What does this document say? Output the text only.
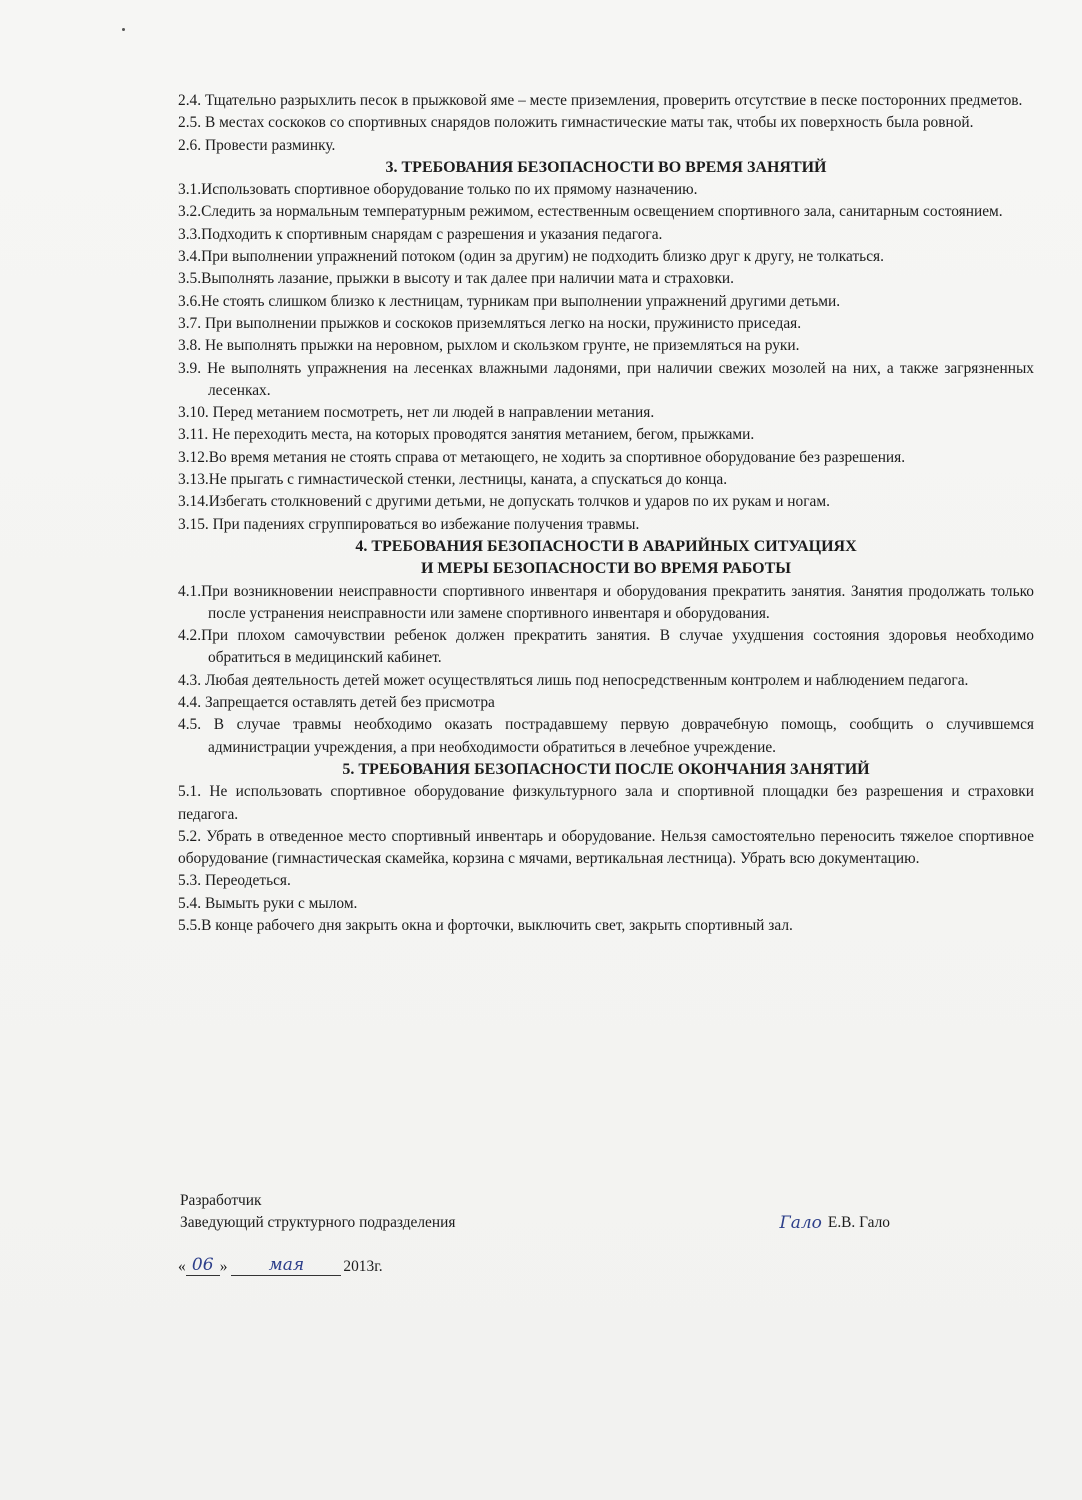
2.4. Тщательно разрыхлить песок в прыжковой яме – месте приземления, проверить отсутствие в песке посторонних предметов.
2.5. В местах соскоков со спортивных снарядов положить гимнастические маты так, чтобы их поверхность была ровной.
2.6. Провести разминку.
3. ТРЕБОВАНИЯ БЕЗОПАСНОСТИ ВО ВРЕМЯ ЗАНЯТИЙ
3.1.Использовать спортивное оборудование только по их прямому назначению.
3.2.Следить за нормальным температурным режимом, естественным освещением спортивного зала, санитарным состоянием.
3.3.Подходить к спортивным снарядам с разрешения и указания педагога.
3.4.При выполнении упражнений потоком (один за другим) не подходить близко друг к другу, не толкаться.
3.5.Выполнять лазание, прыжки в высоту и так далее при наличии мата и страховки.
3.6.Не стоять слишком близко к лестницам, турникам при выполнении упражнений другими детьми.
3.7. При выполнении прыжков и соскоков приземляться легко на носки, пружинисто приседая.
3.8. Не выполнять прыжки на неровном, рыхлом и скользком грунте, не приземляться на руки.
3.9. Не выполнять упражнения на лесенках влажными ладонями, при наличии свежих мозолей на них, а также загрязненных лесенках.
3.10. Перед метанием посмотреть, нет ли людей в направлении метания.
3.11. Не переходить места, на которых проводятся занятия метанием, бегом, прыжками.
3.12.Во время метания не стоять справа от метающего, не ходить за спортивное оборудование без разрешения.
3.13.Не прыгать с гимнастической стенки, лестницы, каната, а спускаться до конца.
3.14.Избегать столкновений с другими детьми, не допускать толчков и ударов по их рукам и ногам.
3.15. При падениях сгруппироваться во избежание получения травмы.
4. ТРЕБОВАНИЯ БЕЗОПАСНОСТИ В АВАРИЙНЫХ СИТУАЦИЯХ
И МЕРЫ БЕЗОПАСНОСТИ ВО ВРЕМЯ РАБОТЫ
4.1.При возникновении неисправности спортивного инвентаря и оборудования прекратить занятия. Занятия продолжать только после устранения неисправности или замене спортивного инвентаря и оборудования.
4.2.При плохом самочувствии ребенок должен прекратить занятия. В случае ухудшения состояния здоровья необходимо обратиться в медицинский кабинет.
4.3. Любая деятельность детей может осуществляться лишь под непосредственным контролем и наблюдением педагога.
4.4. Запрещается оставлять детей без присмотра
4.5. В случае травмы необходимо оказать пострадавшему первую доврачебную помощь, сообщить о случившемся администрации учреждения, а при необходимости обратиться в лечебное учреждение.
5. ТРЕБОВАНИЯ БЕЗОПАСНОСТИ ПОСЛЕ ОКОНЧАНИЯ ЗАНЯТИЙ
5.1. Не использовать спортивное оборудование физкультурного зала и спортивной площадки без разрешения и страховки педагога.
5.2. Убрать в отведенное место спортивный инвентарь и оборудование. Нельзя самостоятельно переносить тяжелое спортивное оборудование (гимнастическая скамейка, корзина с мячами, вертикальная лестница). Убрать всю документацию.
5.3. Переодеться.
5.4. Вымыть руки с мылом.
5.5.В конце рабочего дня закрыть окна и форточки, выключить свет, закрыть спортивный зал.
Разработчик
Заведующий структурного подразделения	Гало Е.В. Гало
« 06 »	мая	2013г.
